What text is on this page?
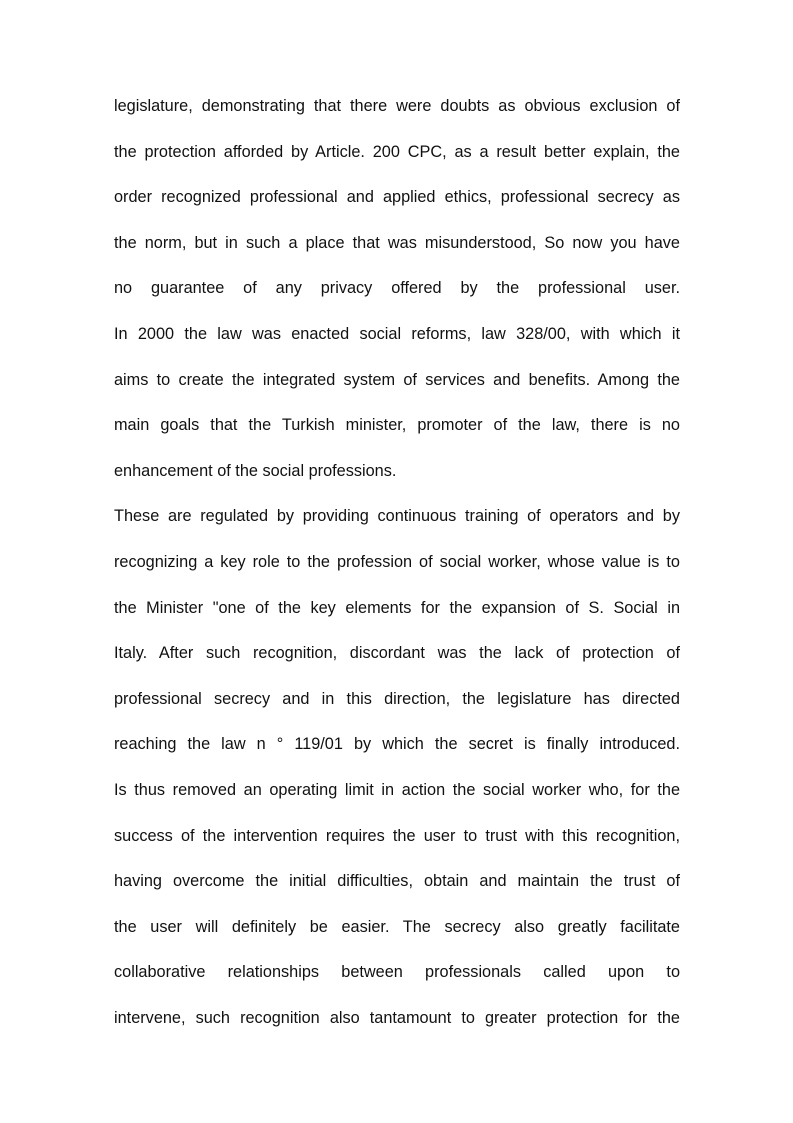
legislature, demonstrating that there were doubts as obvious exclusion of
the protection afforded by Article. 200 CPC, as a result better explain, the
order recognized professional and applied ethics, professional secrecy as
the norm, but in such a place that was misunderstood, So now you have
no guarantee of any privacy offered by the professional user.
In 2000 the law was enacted social reforms, law 328/00, with which it
aims to create the integrated system of services and benefits. Among the
main goals that the Turkish minister, promoter of the law, there is no
enhancement of the social professions.
These are regulated by providing continuous training of operators and by
recognizing a key role to the profession of social worker, whose value is to
the Minister "one of the key elements for the expansion of S. Social in
Italy. After such recognition, discordant was the lack of protection of
professional secrecy and in this direction, the legislature has directed
reaching the law n ° 119/01 by which the secret is finally introduced.
Is thus removed an operating limit in action the social worker who, for the
success of the intervention requires the user to trust with this recognition,
having overcome the initial difficulties, obtain and maintain the trust of
the user will definitely be easier. The secrecy also greatly facilitate
collaborative relationships between professionals called upon to
intervene, such recognition also tantamount to greater protection for the
